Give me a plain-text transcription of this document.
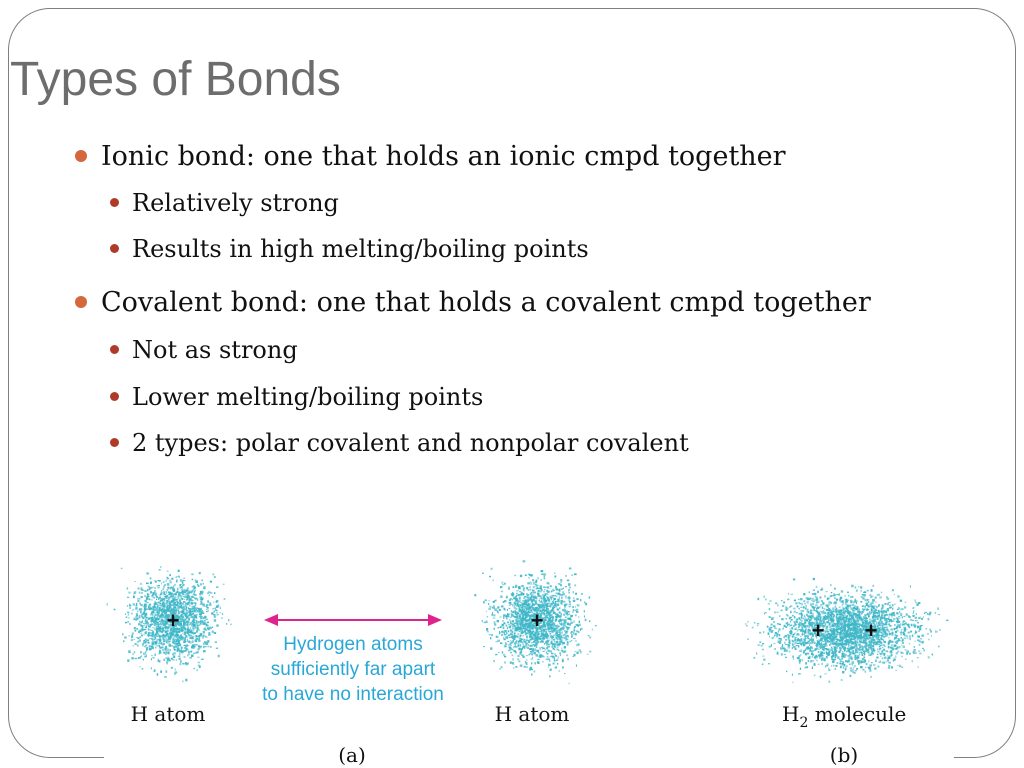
Types of Bonds
Ionic bond: one that holds an ionic cmpd together
Relatively strong
Results in high melting/boiling points
Covalent bond: one that holds a covalent cmpd together
Not as strong
Lower melting/boiling points
2 types: polar covalent and nonpolar covalent
+	+	+ +
Hydrogen atoms
sufficiently far apart
to have no interaction
H atom	H atom	$H_2$ molecule
(a)	(b)
